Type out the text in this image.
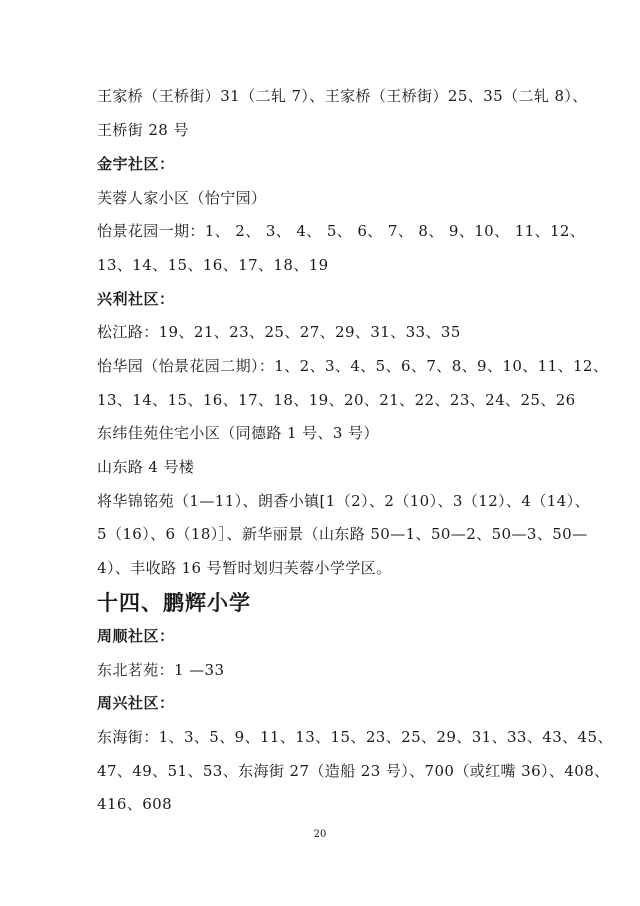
王家桥（王桥街）31（二轧 7）、王家桥（王桥街）25、35（二轧 8）、
王桥街 28 号
金宇社区：
芙蓉人家小区（怡宁园）
怡景花园一期：1、 2、 3、 4、 5、 6、 7、 8、 9、10、 11、12、
13、14、15、16、17、18、19
兴利社区：
松江路：19、21、23、25、27、29、31、33、35
怡华园（怡景花园二期）：1、2、3、4、5、6、7、8、9、10、11、12、
13、14、15、16、17、18、19、20、21、22、23、24、25、26
东纬佳苑住宅小区（同德路 1 号、3 号）
山东路 4 号楼
将华锦铭苑（1—11）、朗香小镇[1（2）、2（10）、3（12）、4（14）、
5（16）、6（18）］、新华丽景（山东路 50—1、50—2、50—3、50—
4）、丰收路 16 号暂时划归芙蓉小学学区。
十四、鹏辉小学
周顺社区：
东北茗苑：1 —33
周兴社区：
东海街：1、3、5、9、11、13、15、23、25、29、31、33、43、45、
47、49、51、53、东海街 27（造船 23 号）、700（或红嘴 36）、408、
416、608
20
